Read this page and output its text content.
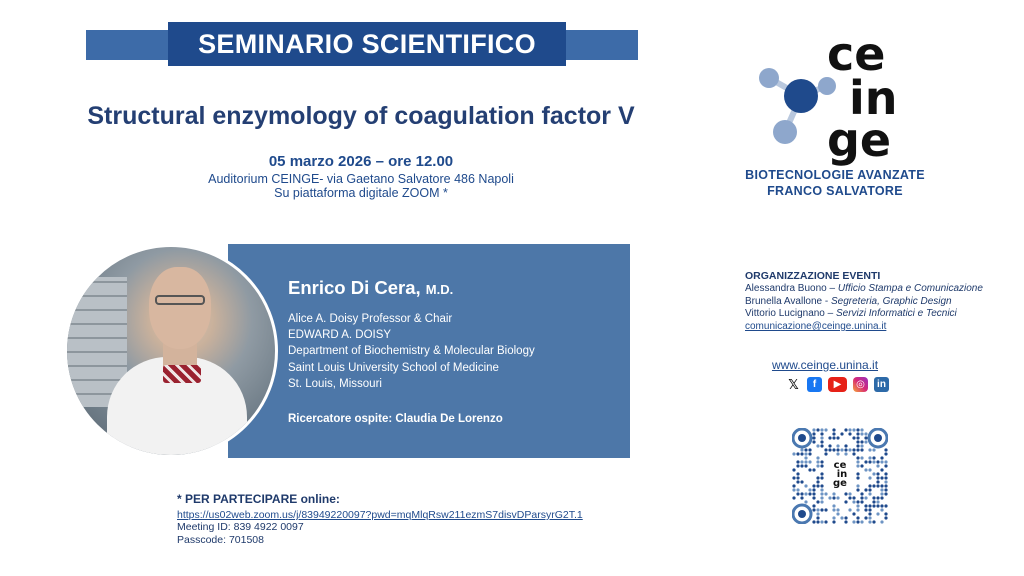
SEMINARIO SCIENTIFICO
Structural enzymology of coagulation factor V
05 marzo 2026 – ore 12.00
Auditorium CEINGE- via Gaetano Salvatore 486 Napoli
Su piattaforma digitale ZOOM *
Enrico Di Cera, M.D.
Alice A. Doisy Professor & Chair
EDWARD A. DOISY
Department of Biochemistry & Molecular Biology
Saint Louis University School of Medicine
St. Louis, Missouri
Ricercatore ospite: Claudia De Lorenzo
* PER PARTECIPARE online:
https://us02web.zoom.us/j/83949220097?pwd=mqMlqRsw211ezmS7disvDParsyrG2T.1
Meeting ID: 839 4922 0097
Passcode: 701508
ce
in
ge
BIOTECNOLOGIE AVANZATE
FRANCO SALVATORE
ORGANIZZAZIONE EVENTI
Alessandra Buono – Ufficio Stampa e Comunicazione
Brunella Avallone - Segreteria, Graphic Design
Vittorio Lucignano – Servizi Informatici e Tecnici
comunicazione@ceinge.unina.it
www.ceinge.unina.it
𝕏	f	▶	◎	in
ce
in
ge
